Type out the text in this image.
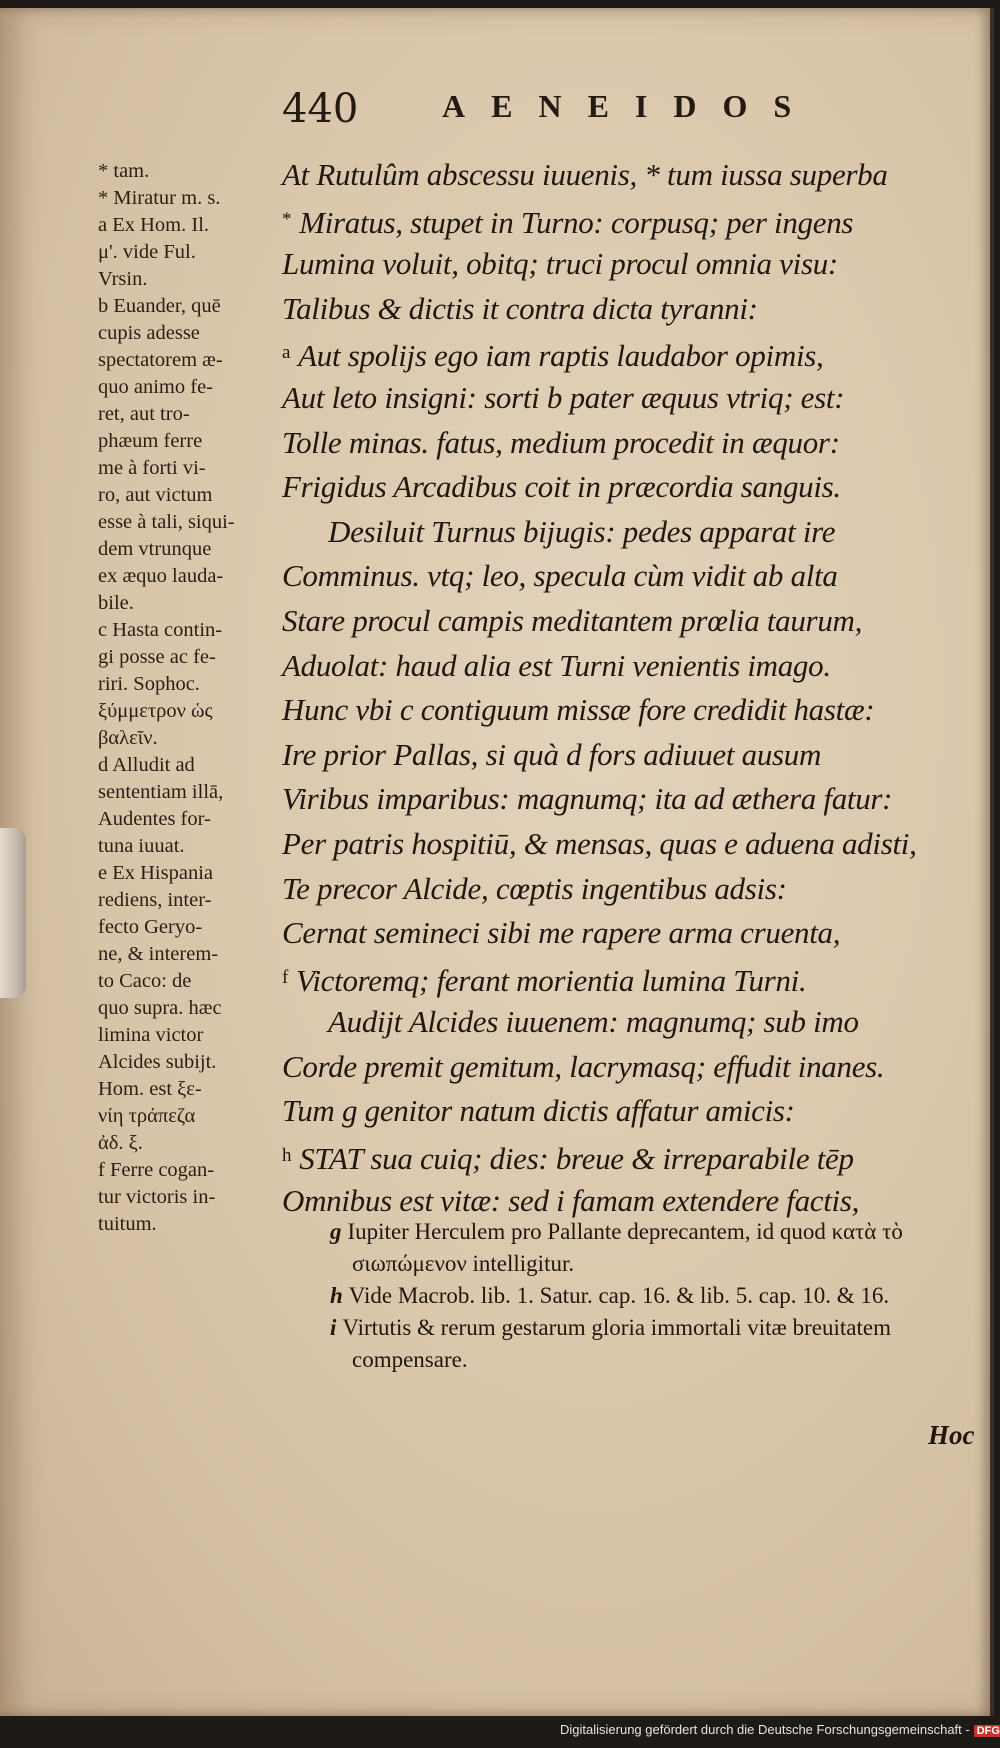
440	AENEIDOS
* tam.
* Miratur m. s.
a Ex Hom. Il.
μ'. vide Ful.
Vrsin.
b Euander, quē
cupis adesse
spectatorem æ-
quo animo fe-
ret, aut tro-
phæum ferre
me à forti vi-
ro, aut victum
esse à tali, siqui-
dem vtrunque
ex æquo lauda-
bile.
c Hasta contin-
gi posse ac fe-
riri. Sophoc.
ξύμμετρον ὡς
βαλεῖν.
d Alludit ad
sententiam illā,
Audentes for-
tuna iuuat.
e Ex Hispania
rediens, inter-
fecto Geryo-
ne, & interem-
to Caco: de
quo supra. hæc
limina victor
Alcides subijt.
Hom. est ξε-
νίη τράπεζα
ἀδ. ξ.
f Ferre cogan-
tur victoris in-
tuitum.
At Rutulûm abscessu iuuenis, * tum iussa superba
* Miratus, stupet in Turno: corpusq; per ingens
Lumina voluit, obitq; truci procul omnia visu:
Talibus & dictis it contra dicta tyranni:
$^a$ Aut spolijs ego iam raptis laudabor opimis,
Aut leto insigni: sorti b pater æquus vtriq; est:
Tolle minas. fatus, medium procedit in æquor:
Frigidus Arcadibus coit in præcordia sanguis.
Desiluit Turnus bijugis: pedes apparat ire
Comminus. vtq; leo, specula cùm vidit ab alta
Stare procul campis meditantem prœlia taurum,
Aduolat: haud alia est Turni venientis imago.
Hunc vbi c contiguum missæ fore credidit hastæ:
Ire prior Pallas, si quà d fors adiuuet ausum
Viribus imparibus: magnumq; ita ad æthera fatur:
Per patris hospitiū, & mensas, quas e aduena adisti,
Te precor Alcide, cœptis ingentibus adsis:
Cernat semineci sibi me rapere arma cruenta,
$^f$ Victoremq; ferant morientia lumina Turni.
Audijt Alcides iuuenem: magnumq; sub imo
Corde premit gemitum, lacrymasq; effudit inanes.
Tum g genitor natum dictis affatur amicis:
$^h$ STAT sua cuiq; dies: breue & irreparabile tēp
Omnibus est vitæ: sed i famam extendere factis,
g Iupiter Herculem pro Pallante deprecantem, id quod κατὰ τὸ σιωπώμενον intelligitur.
h Vide Macrob. lib. 1. Satur. cap. 16. & lib. 5. cap. 10. & 16.
i Virtutis & rerum gestarum gloria immortali vitæ breuitatem compensare.
Hoc
Digitalisierung gefördert durch die Deutsche Forschungsgemeinschaft - DFG
